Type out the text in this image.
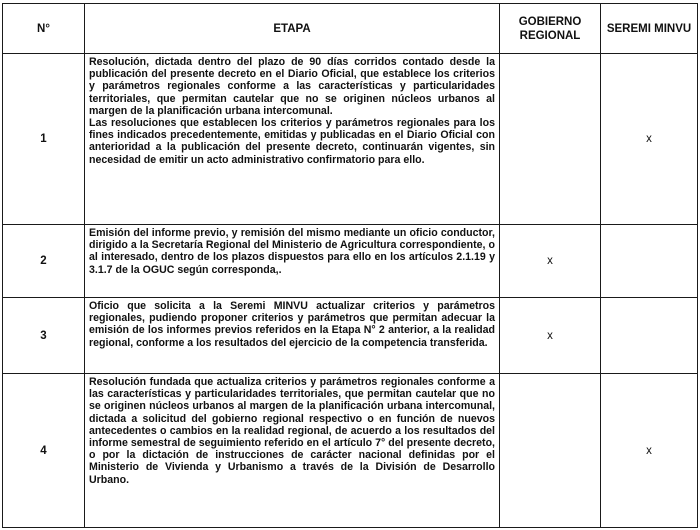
N°	ETAPA	GOBIERNO REGIONAL	SEREMI MINVU
1	Resolución, dictada dentro del plazo de 90 días corridos contado desde la publicación del presente decreto en el Diario Oficial, que establece los criterios y parámetros regionales conforme a las características y particularidades territoriales, que permitan cautelar que no se originen núcleos urbanos al margen de la planificación urbana intercomunal.

Las resoluciones que establecen los criterios y parámetros regionales para los fines indicados precedentemente, emitidas y publicadas en el Diario Oficial con anterioridad a la publicación del presente decreto, continuarán vigentes, sin necesidad de emitir un acto administrativo confirmatorio para ello.		x
2	Emisión del informe previo, y remisión del mismo mediante un oficio conductor, dirigido a la Secretaría Regional del Ministerio de Agricultura correspondiente, o al interesado, dentro de los plazos dispuestos para ello en los artículos 2.1.19 y 3.1.7 de la OGUC según corresponda,.	x	
3	Oficio que solicita a la Seremi MINVU actualizar criterios y parámetros regionales, pudiendo proponer criterios y parámetros que permitan adecuar la emisión de los informes previos referidos en la Etapa N° 2 anterior, a la realidad regional, conforme a los resultados del ejercicio de la competencia transferida.	x	
4	Resolución fundada que actualiza criterios y parámetros regionales conforme a las características y particularidades territoriales, que permitan cautelar que no se originen núcleos urbanos al margen de la planificación urbana intercomunal, dictada a solicitud del gobierno regional respectivo o en función de nuevos antecedentes o cambios en la realidad regional, de acuerdo a los resultados del informe semestral de seguimiento referido en el artículo 7° del presente decreto, o por la dictación de instrucciones de carácter nacional definidas por el Ministerio de Vivienda y Urbanismo a través de la División de Desarrollo Urbano.		x
